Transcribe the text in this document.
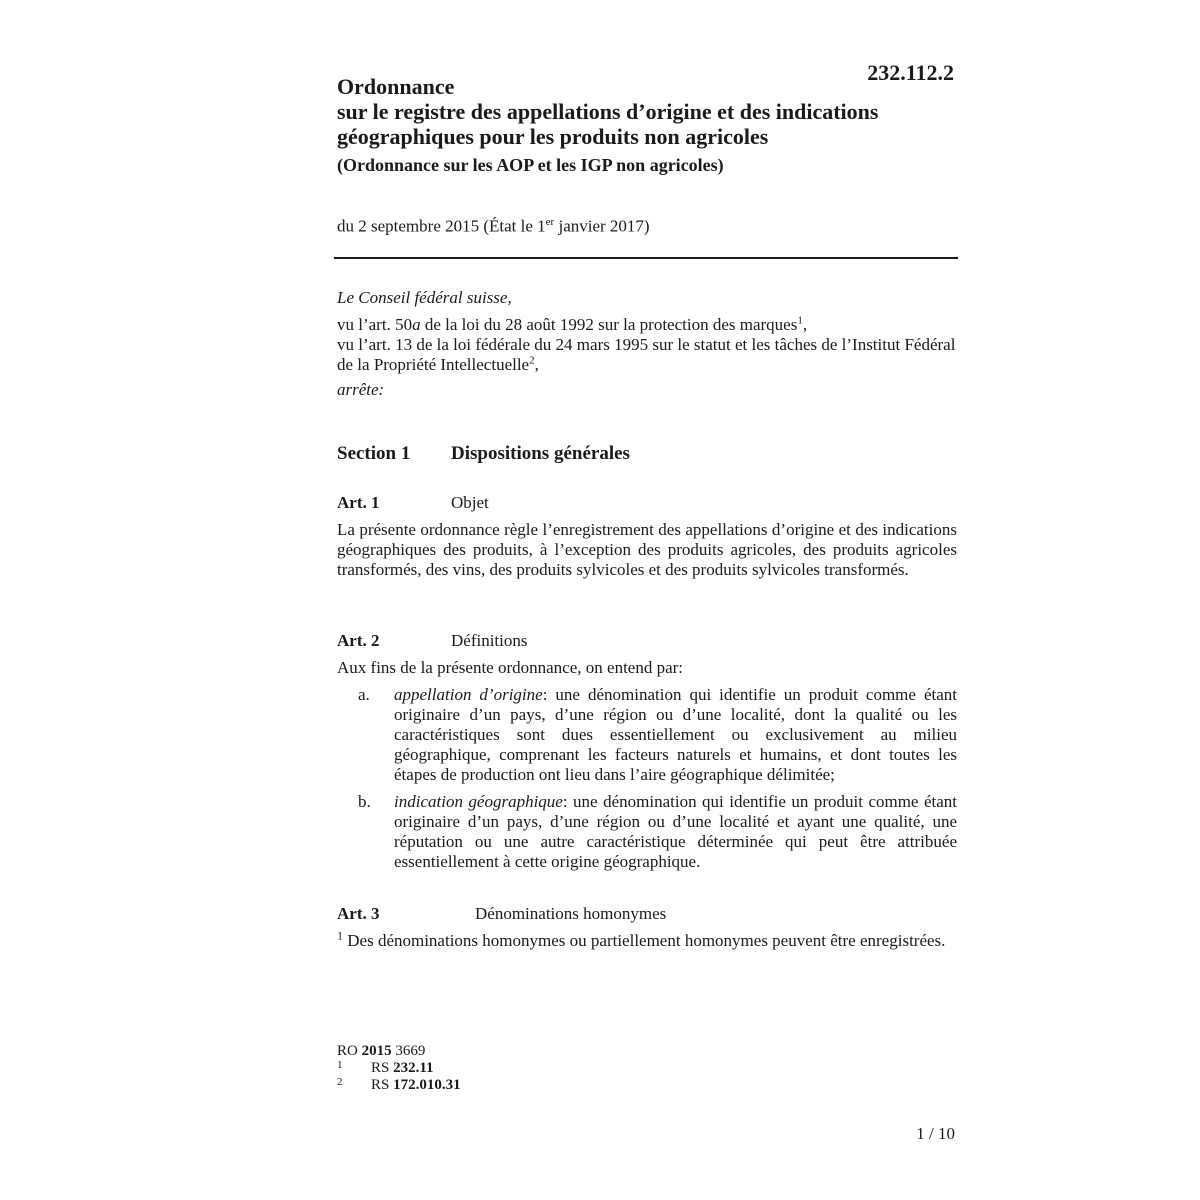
232.112.2
Ordonnance
sur le registre des appellations d’origine et des indications géographiques pour les produits non agricoles
(Ordonnance sur les AOP et les IGP non agricoles)
du 2 septembre 2015 (État le 1er janvier 2017)
Le Conseil fédéral suisse,
vu l’art. 50a de la loi du 28 août 1992 sur la protection des marques$^1$,
vu l’art. 13 de la loi fédérale du 24 mars 1995 sur le statut et les tâches de l’Institut Fédéral de la Propriété Intellectuelle$^2$,
arrête:
Section 1 Dispositions générales
Art. 1	Objet
La présente ordonnance règle l’enregistrement des appellations d’origine et des indications géographiques des produits, à l’exception des produits agricoles, des produits agricoles transformés, des vins, des produits sylvicoles et des produits sylvicoles transformés.
Art. 2	Définitions
Aux fins de la présente ordonnance, on entend par:
a. appellation d’origine: une dénomination qui identifie un produit comme étant originaire d’un pays, d’une région ou d’une localité, dont la qualité ou les caractéristiques sont dues essentiellement ou exclusivement au milieu géographique, comprenant les facteurs naturels et humains, et dont toutes les étapes de production ont lieu dans l’aire géographique délimitée;
b. indication géographique: une dénomination qui identifie un produit comme étant originaire d’un pays, d’une région ou d’une localité et ayant une qualité, une réputation ou une autre caractéristique déterminée qui peut être attribuée essentiellement à cette origine géographique.
Art. 3	Dénominations homonymes
$^1$ Des dénominations homonymes ou partiellement homonymes peuvent être enregistrées.
RO 2015 3669
1 RS 232.11
2 RS 172.010.31
1 / 10
